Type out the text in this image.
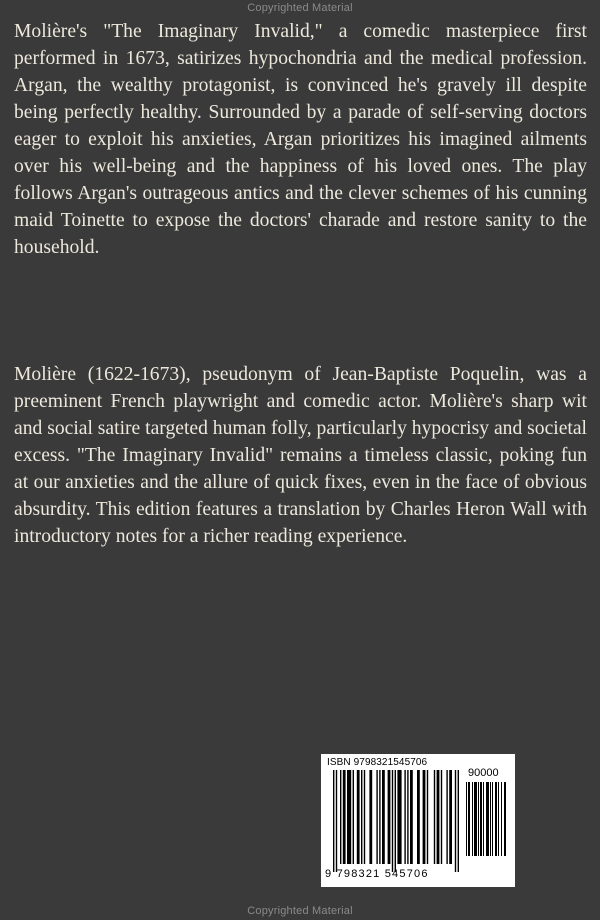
Copyrighted Material

Molière's "The Imaginary Invalid," a comedic masterpiece first performed in 1673, satirizes hypochondria and the medical profession. Argan, the wealthy protagonist, is convinced he's gravely ill despite being perfectly healthy. Surrounded by a parade of self-serving doctors eager to exploit his anxieties, Argan prioritizes his imagined ailments over his well-being and the happiness of his loved ones. The play follows Argan's outrageous antics and the clever schemes of his cunning maid Toinette to expose the doctors' charade and restore sanity to the household.

Molière (1622-1673), pseudonym of Jean-Baptiste Poquelin, was a preeminent French playwright and comedic actor. Molière's sharp wit and social satire targeted human folly, particularly hypocrisy and societal excess. "The Imaginary Invalid" remains a timeless classic, poking fun at our anxieties and the allure of quick fixes, even in the face of obvious absurdity. This edition features a translation by Charles Heron Wall with introductory notes for a richer reading experience.

ISBN 9798321545706
90000
9 798321 545706
Copyrighted Material
